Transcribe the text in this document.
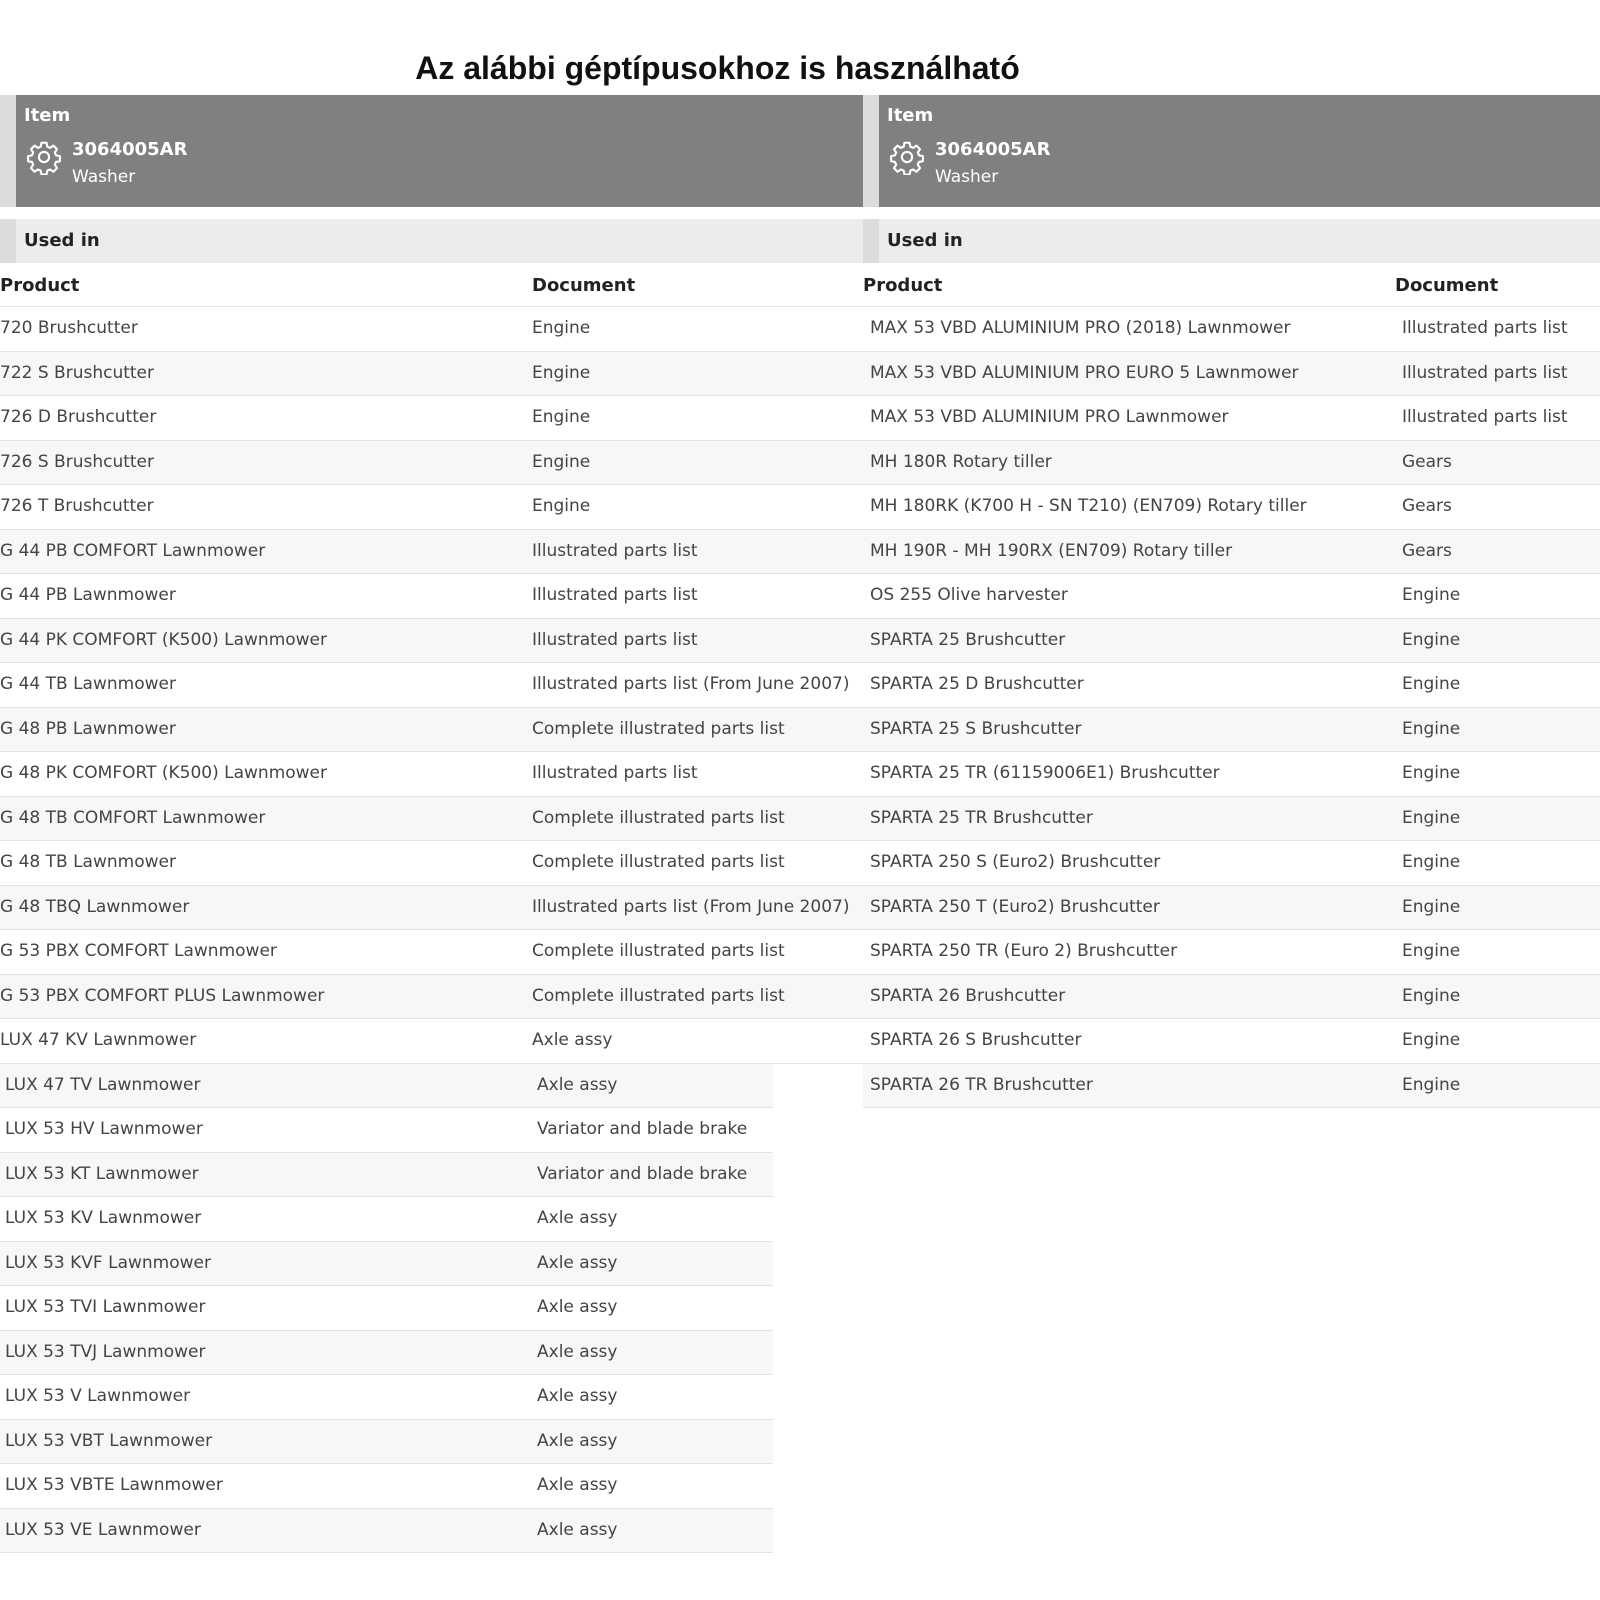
Az alábbi géptípusokhoz is használható
Item
3064005AR
Washer
Used in
Product	Document
720 Brushcutter	Engine
722 S Brushcutter	Engine
726 D Brushcutter	Engine
726 S Brushcutter	Engine
726 T Brushcutter	Engine
G 44 PB COMFORT Lawnmower	Illustrated parts list
G 44 PB Lawnmower	Illustrated parts list
G 44 PK COMFORT (K500) Lawnmower	Illustrated parts list
G 44 TB Lawnmower	Illustrated parts list (From June 2007)
G 48 PB Lawnmower	Complete illustrated parts list
G 48 PK COMFORT (K500) Lawnmower	Illustrated parts list
G 48 TB COMFORT Lawnmower	Complete illustrated parts list
G 48 TB Lawnmower	Complete illustrated parts list
G 48 TBQ Lawnmower	Illustrated parts list (From June 2007)
G 53 PBX COMFORT Lawnmower	Complete illustrated parts list
G 53 PBX COMFORT PLUS Lawnmower	Complete illustrated parts list
LUX 47 KV Lawnmower	Axle assy
LUX 47 TV Lawnmower	Axle assy
LUX 53 HV Lawnmower	Variator and blade brake
LUX 53 KT Lawnmower	Variator and blade brake
LUX 53 KV Lawnmower	Axle assy
LUX 53 KVF Lawnmower	Axle assy
LUX 53 TVI Lawnmower	Axle assy
LUX 53 TVJ Lawnmower	Axle assy
LUX 53 V Lawnmower	Axle assy
LUX 53 VBT Lawnmower	Axle assy
LUX 53 VBTE Lawnmower	Axle assy
LUX 53 VE Lawnmower	Axle assy
Item
3064005AR
Washer
Used in
Product	Document
MAX 53 VBD ALUMINIUM PRO (2018) Lawnmower	Illustrated parts list
MAX 53 VBD ALUMINIUM PRO EURO 5 Lawnmower	Illustrated parts list
MAX 53 VBD ALUMINIUM PRO Lawnmower	Illustrated parts list
MH 180R Rotary tiller	Gears
MH 180RK (K700 H - SN T210) (EN709) Rotary tiller	Gears
MH 190R - MH 190RX (EN709) Rotary tiller	Gears
OS 255 Olive harvester	Engine
SPARTA 25 Brushcutter	Engine
SPARTA 25 D Brushcutter	Engine
SPARTA 25 S Brushcutter	Engine
SPARTA 25 TR (61159006E1) Brushcutter	Engine
SPARTA 25 TR Brushcutter	Engine
SPARTA 250 S (Euro2) Brushcutter	Engine
SPARTA 250 T (Euro2) Brushcutter	Engine
SPARTA 250 TR (Euro 2) Brushcutter	Engine
SPARTA 26 Brushcutter	Engine
SPARTA 26 S Brushcutter	Engine
SPARTA 26 TR Brushcutter	Engine
